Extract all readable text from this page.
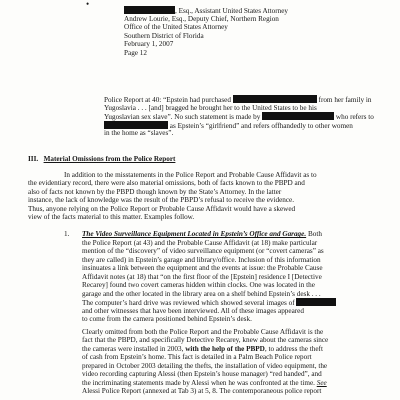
, Esq., Assistant United States Attorney
Andrew Lourie, Esq., Deputy Chief, Northern Region
Office of the United States Attorney
Southern District of Florida
February 1, 2007
Page 12
•
Police Report at 40: “Epstein had purchased	from her family in
Yugoslavia . . . [and] bragged he brought her to the United States to be his
Yugoslavian sex slave”. No such statement is made by	who refers to
as Epstein’s “girlfriend” and refers offhandedly to other women
in the home as “slaves”.
III. Material Omissions from the Police Report
In addition to the misstatements in the Police Report and Probable Cause Affidavit as to
the evidentiary record, there were also material omissions, both of facts known to the PBPD and
also of facts not known by the PBPD though known by the State’s Attorney. In the latter
instance, the lack of knowledge was the result of the PBPD’s refusal to receive the evidence.
Thus, anyone relying on the Police Report or Probable Cause Affidavit would have a skewed
view of the facts material to this matter. Examples follow.
1. The Video Surveillance Equipment Located in Epstein’s Office and Garage. Both
the Police Report (at 43) and the Probable Cause Affidavit (at 18) make particular
mention of the “discovery” of video surveillance equipment (or “covert cameras” as
they are called) in Epstein’s garage and library/office. Inclusion of this information
insinuates a link between the equipment and the events at issue: the Probable Cause
Affidavit notes (at 18) that “on the first floor of the [Epstein] residence I [Detective
Recarey] found two covert cameras hidden within clocks. One was located in the
garage and the other located in the library area on a shelf behind Epstein’s desk . . .
The computer’s hard drive was reviewed which showed several images of
and other witnesses that have been interviewed. All of these images appeared
to come from the camera positioned behind Epstein’s desk.
Clearly omitted from both the Police Report and the Probable Cause Affidavit is the
fact that the PBPD, and specifically Detective Recarey, knew about the cameras since
the cameras were installed in 2003, with the help of the PBPD, to address the theft
of cash from Epstein’s home. This fact is detailed in a Palm Beach Police report
prepared in October 2003 detailing the thefts, the installation of video equipment, the
video recording capturing Alessi (then Epstein’s house manager) “red handed”, and
the incriminating statements made by Alessi when he was confronted at the time. See
Alessi Police Report (annexed at Tab 3) at 5, 8. The contemporaneous police report
